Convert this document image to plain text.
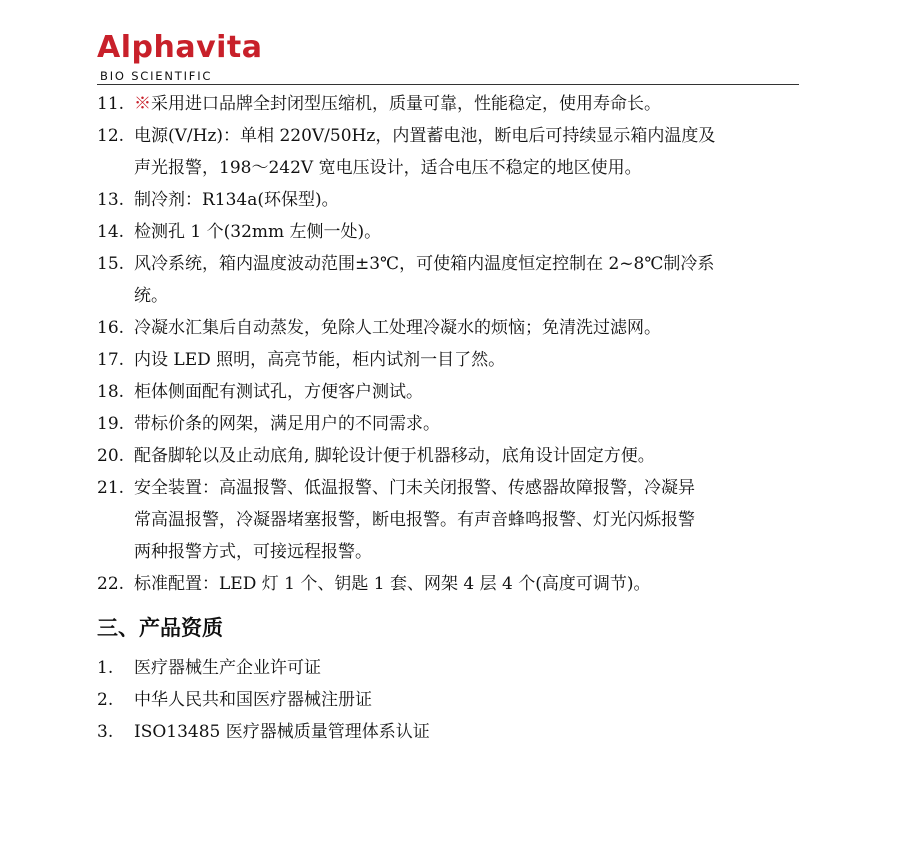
Alphavita
BIO SCIENTIFIC
11. ※采用进口品牌全封闭型压缩机，质量可靠，性能稳定，使用寿命长。
12. 电源(V/Hz)：单相 220V/50Hz，内置蓄电池，断电后可持续显示箱内温度及
声光报警，198～242V 宽电压设计，适合电压不稳定的地区使用。
13. 制冷剂：R134a(环保型)。
14. 检测孔 1 个(32mm 左侧一处)。
15. 风冷系统，箱内温度波动范围±3℃，可使箱内温度恒定控制在 2~8℃制冷系
统。
16. 冷凝水汇集后自动蒸发，免除人工处理冷凝水的烦恼；免清洗过滤网。
17. 内设 LED 照明，高亮节能，柜内试剂一目了然。
18. 柜体侧面配有测试孔，方便客户测试。
19. 带标价条的网架，满足用户的不同需求。
20. 配备脚轮以及止动底角, 脚轮设计便于机器移动，底角设计固定方便。
21. 安全装置：高温报警、低温报警、门未关闭报警、传感器故障报警，冷凝异
常高温报警，冷凝器堵塞报警，断电报警。有声音蜂鸣报警、灯光闪烁报警
两种报警方式，可接远程报警。
22. 标准配置：LED 灯 1 个、钥匙 1 套、网架 4 层 4 个(高度可调节)。
三、产品资质
1.	医疗器械生产企业许可证
2.	中华人民共和国医疗器械注册证
3.	ISO13485 医疗器械质量管理体系认证
